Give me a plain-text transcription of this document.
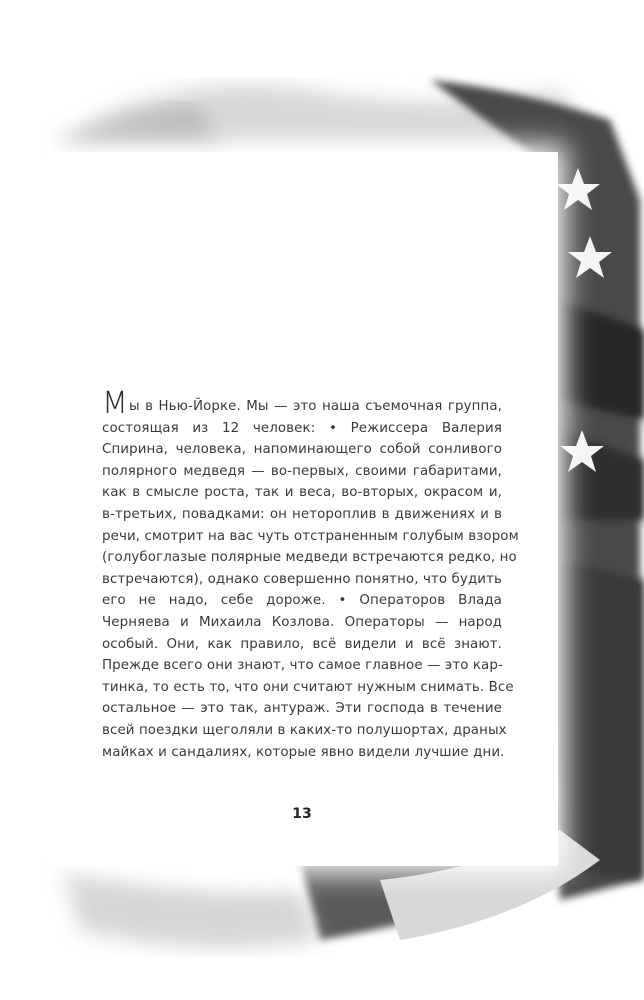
Мы в Нью-Йорке. Мы — это наша съемочная группа,
состоящая из 12 человек: • Режиссера Валерия
Спирина, человека, напоминающего собой сонливого
полярного медведя — во-первых, своими габаритами,
как в смысле роста, так и веса, во-вторых, окрасом и,
в-третьих, повадками: он нетороплив в движениях и в
речи, смотрит на вас чуть отстраненным голубым взором
(голубоглазые полярные медведи встречаются редко, но
встречаются), однако совершенно понятно, что будить
его не надо, себе дороже. • Операторов Влада
Черняева и Михаила Козлова. Операторы — народ
особый. Они, как правило, всё видели и всё знают.
Прежде всего они знают, что самое главное — это кар-
тинка, то есть то, что они считают нужным снимать. Все
остальное — это так, антураж. Эти господа в течение
всей поездки щеголяли в каких-то полушортах, драных
майках и сандалиях, которые явно видели лучшие дни.
13
